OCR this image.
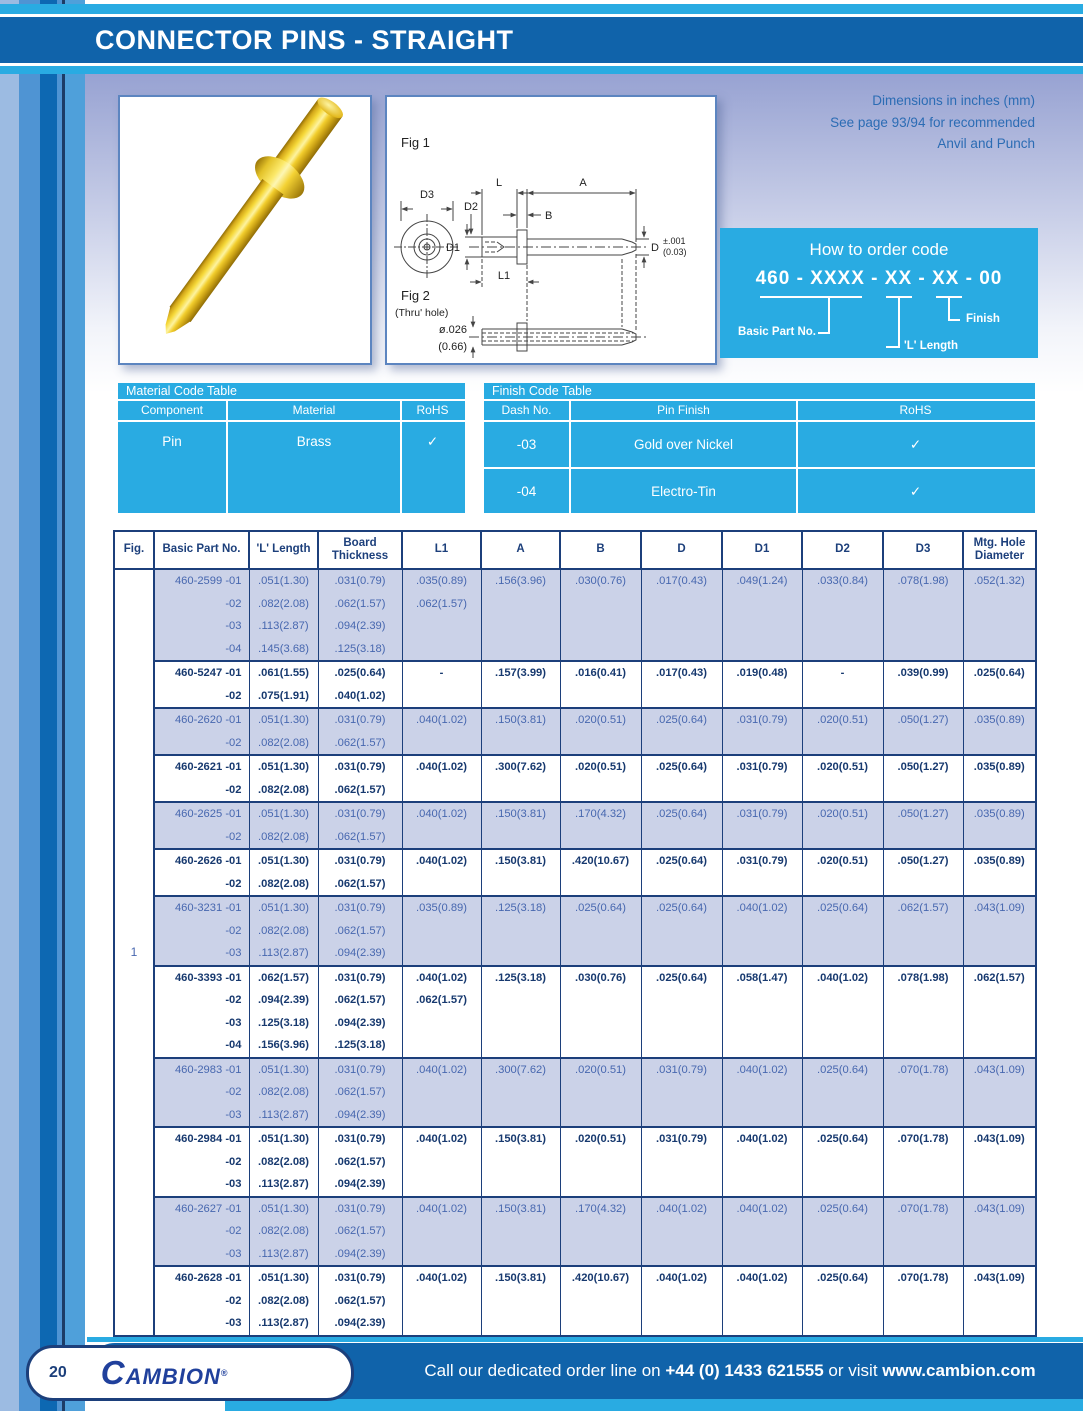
CONNECTOR PINS - STRAIGHT
Fig 1
D3
L	A
B
D2
D1
L1
D
±.001
(0.03)
Fig 2
(Thru' hole)
ø.026
(0.66)
Dimensions in inches (mm)
See page 93/94 for recommended
Anvil and Punch
How to order code
460 - XXXX - XX - XX - 00
Basic Part No.
'L' Length
Finish
Material Code Table
Component	Material	RoHS
Pin	Brass	✓
Finish Code Table
Dash No.	Pin Finish	RoHS
-03	Gold over Nickel	✓
-04	Electro-Tin	✓
Fig.	Basic Part No.	'L' Length	Board Thickness	L1	A	B	D	D1	D2	D3	Mtg. Hole Diameter
1	460-2599 -01	.051(1.30)	.031(0.79)	.035(0.89)	.156(3.96)	.030(0.76)	.017(0.43)	.049(1.24)	.033(0.84)	.078(1.98)	.052(1.32)
	-02	.082(2.08)	.062(1.57)	.062(1.57)							
	-03	.113(2.87)	.094(2.39)								
	-04	.145(3.68)	.125(3.18)								
	460-5247 -01	.061(1.55)	.025(0.64)	-	.157(3.99)	.016(0.41)	.017(0.43)	.019(0.48)	-	.039(0.99)	.025(0.64)
	-02	.075(1.91)	.040(1.02)								
	460-2620 -01	.051(1.30)	.031(0.79)	.040(1.02)	.150(3.81)	.020(0.51)	.025(0.64)	.031(0.79)	.020(0.51)	.050(1.27)	.035(0.89)
	-02	.082(2.08)	.062(1.57)								
	460-2621 -01	.051(1.30)	.031(0.79)	.040(1.02)	.300(7.62)	.020(0.51)	.025(0.64)	.031(0.79)	.020(0.51)	.050(1.27)	.035(0.89)
	-02	.082(2.08)	.062(1.57)								
	460-2625 -01	.051(1.30)	.031(0.79)	.040(1.02)	.150(3.81)	.170(4.32)	.025(0.64)	.031(0.79)	.020(0.51)	.050(1.27)	.035(0.89)
	-02	.082(2.08)	.062(1.57)								
	460-2626 -01	.051(1.30)	.031(0.79)	.040(1.02)	.150(3.81)	.420(10.67)	.025(0.64)	.031(0.79)	.020(0.51)	.050(1.27)	.035(0.89)
	-02	.082(2.08)	.062(1.57)								
	460-3231 -01	.051(1.30)	.031(0.79)	.035(0.89)	.125(3.18)	.025(0.64)	.025(0.64)	.040(1.02)	.025(0.64)	.062(1.57)	.043(1.09)
	-02	.082(2.08)	.062(1.57)								
	-03	.113(2.87)	.094(2.39)								
	460-3393 -01	.062(1.57)	.031(0.79)	.040(1.02)	.125(3.18)	.030(0.76)	.025(0.64)	.058(1.47)	.040(1.02)	.078(1.98)	.062(1.57)
	-02	.094(2.39)	.062(1.57)	.062(1.57)							
	-03	.125(3.18)	.094(2.39)								
	-04	.156(3.96)	.125(3.18)								
	460-2983 -01	.051(1.30)	.031(0.79)	.040(1.02)	.300(7.62)	.020(0.51)	.031(0.79)	.040(1.02)	.025(0.64)	.070(1.78)	.043(1.09)
	-02	.082(2.08)	.062(1.57)								
	-03	.113(2.87)	.094(2.39)								
	460-2984 -01	.051(1.30)	.031(0.79)	.040(1.02)	.150(3.81)	.020(0.51)	.031(0.79)	.040(1.02)	.025(0.64)	.070(1.78)	.043(1.09)
	-02	.082(2.08)	.062(1.57)								
	-03	.113(2.87)	.094(2.39)								
	460-2627 -01	.051(1.30)	.031(0.79)	.040(1.02)	.150(3.81)	.170(4.32)	.040(1.02)	.040(1.02)	.025(0.64)	.070(1.78)	.043(1.09)
	-02	.082(2.08)	.062(1.57)								
	-03	.113(2.87)	.094(2.39)								
	460-2628 -01	.051(1.30)	.031(0.79)	.040(1.02)	.150(3.81)	.420(10.67)	.040(1.02)	.040(1.02)	.025(0.64)	.070(1.78)	.043(1.09)
	-02	.082(2.08)	.062(1.57)								
	-03	.113(2.87)	.094(2.39)								
20 CAMBION ®	Call our dedicated order line on +44 (0) 1433 621555 or visit www.cambion.com
